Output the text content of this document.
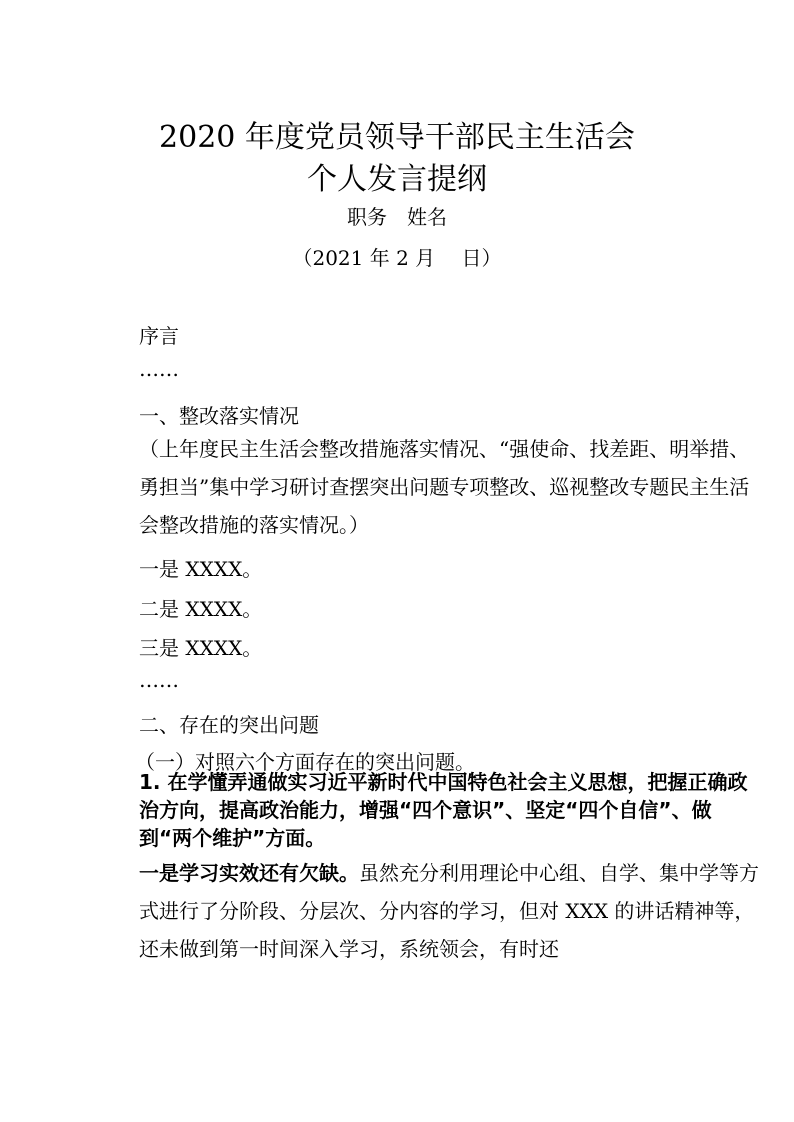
2020 年度党员领导干部民主生活会
个人发言提纲
职务　姓名
（2021 年 2 月　 日）
序言
……
一、整改落实情况
（上年度民主生活会整改措施落实情况、“强使命、找差距、明举措、勇担当”集中学习研讨查摆突出问题专项整改、巡视整改专题民主生活会整改措施的落实情况。）
一是 XXXX。
二是 XXXX。
三是 XXXX。
……
二、存在的突出问题
（一）对照六个方面存在的突出问题。
1. 在学懂弄通做实习近平新时代中国特色社会主义思想，把握正确政治方向，提高政治能力，增强“四个意识”、坚定“四个自信”、做到“两个维护”方面。
一是学习实效还有欠缺。虽然充分利用理论中心组、自学、集中学等方式进行了分阶段、分层次、分内容的学习，但对 XXX 的讲话精神等，还未做到第一时间深入学习，系统领会，有时还
